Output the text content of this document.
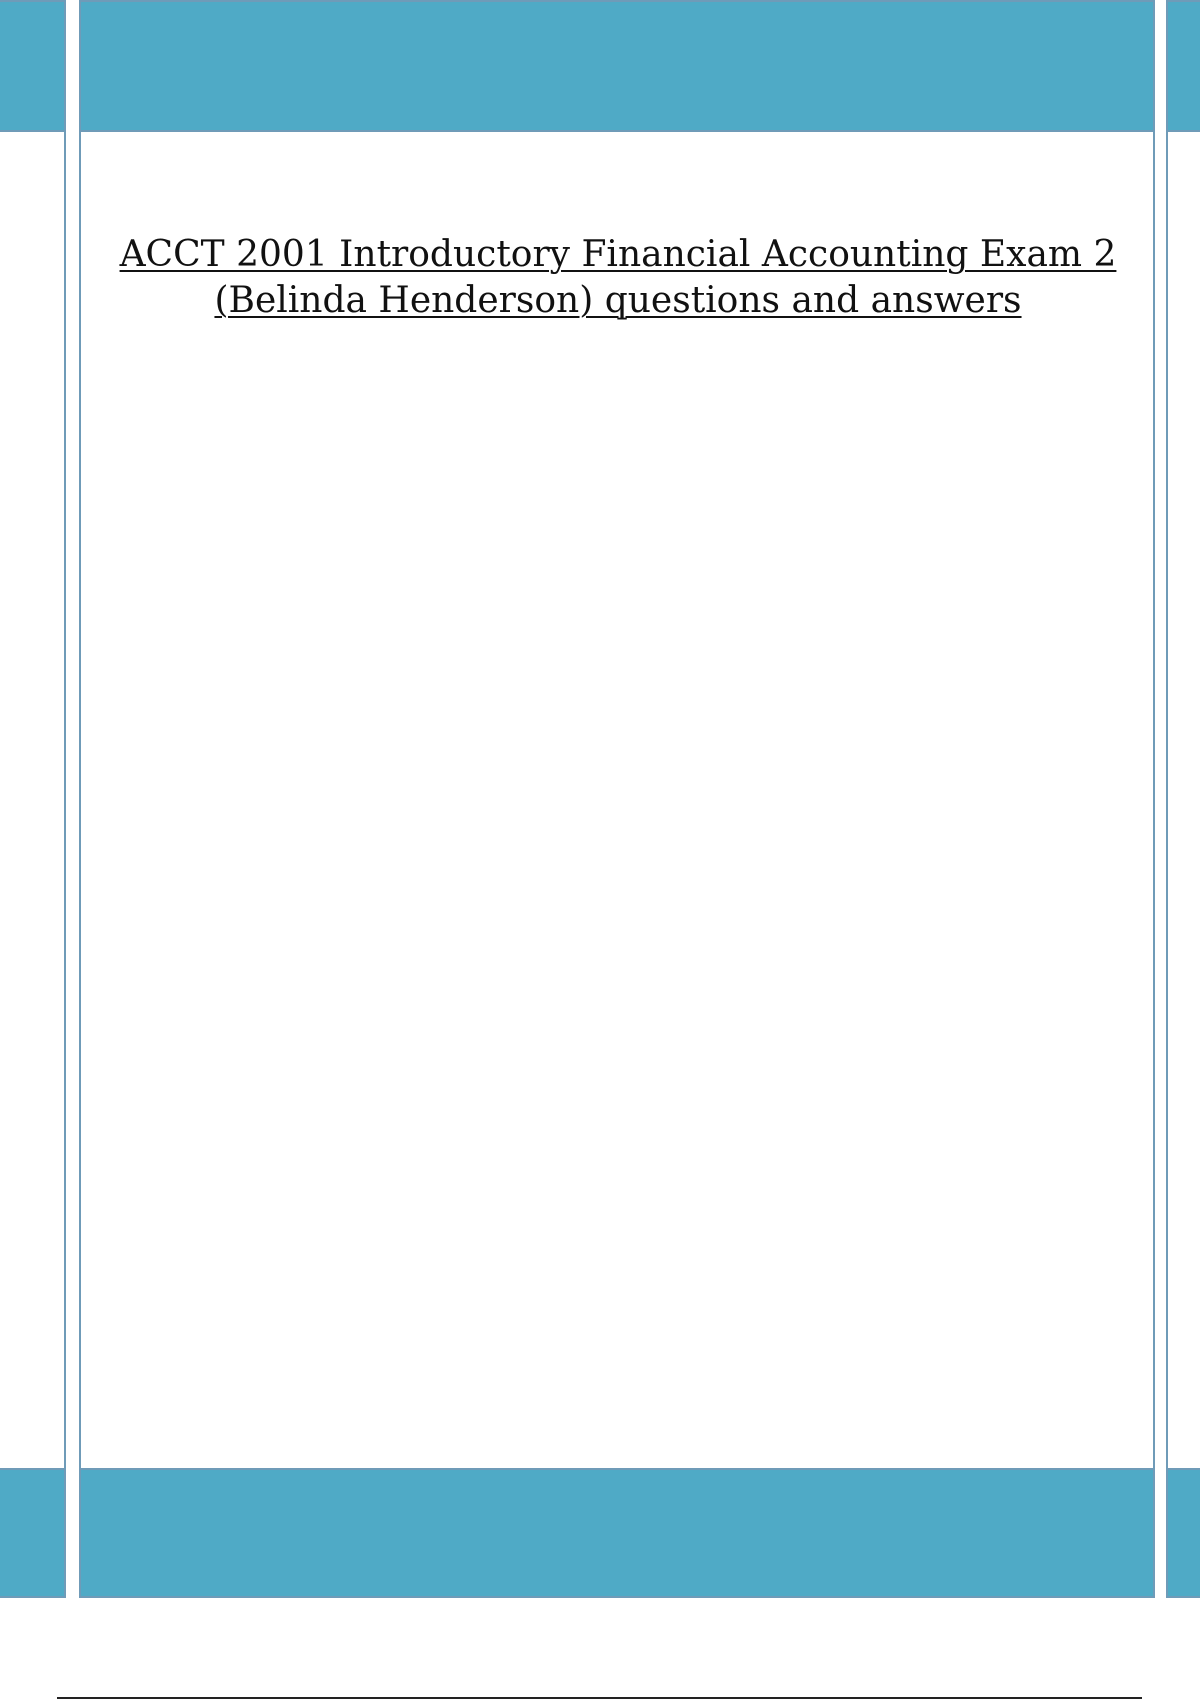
ACCT 2001 Introductory Financial Accounting Exam 2 (Belinda Henderson) questions and answers
